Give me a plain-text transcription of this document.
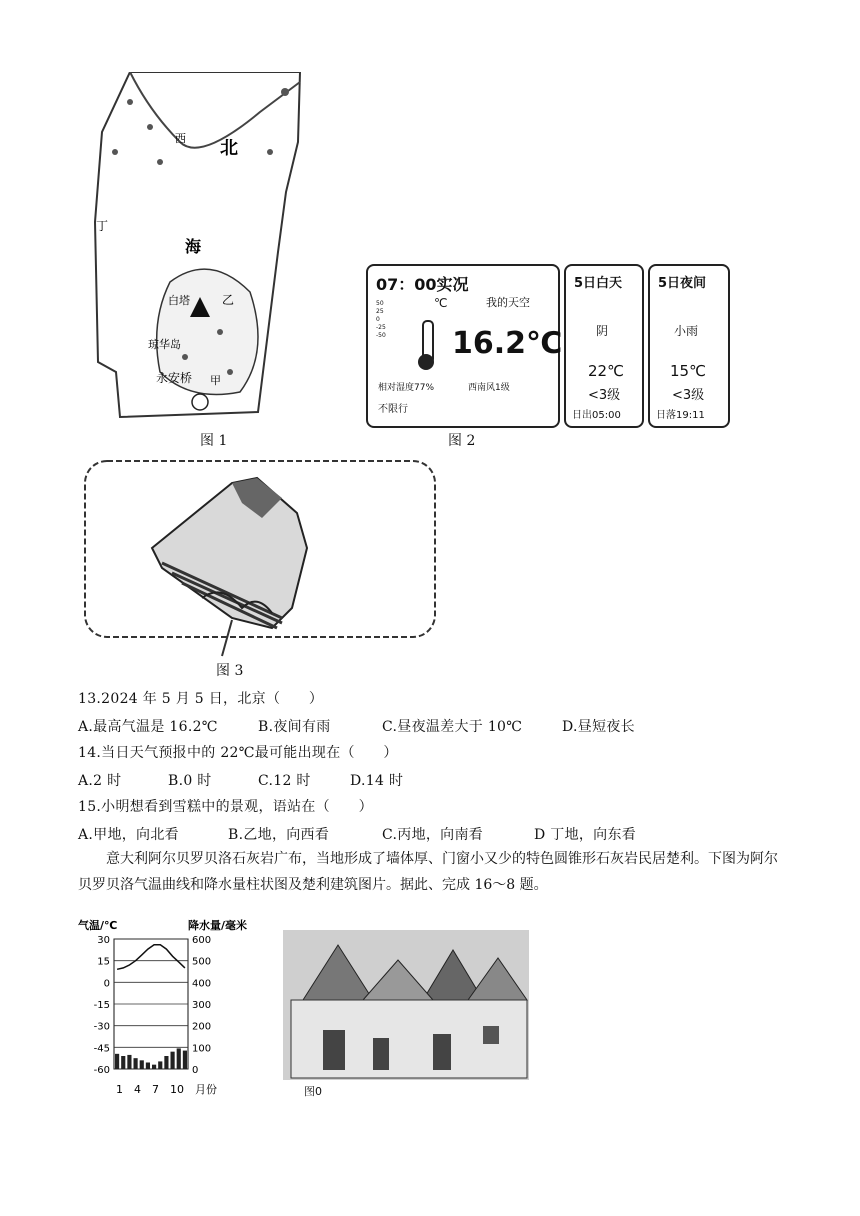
北
海
西
丁
白塔	乙
琼华岛
永安桥 甲
图 1
07：00实况
℃	我的天空
50
25
0
-25
-50 16.2℃
相对湿度77%	西南风1级
不限行
5日白天
阴
22℃
<3级
日出05:00
5日夜间
小雨
15℃
<3级
日落19:11
图 2
图 3
13.2024 年 5 月 5 日，北京（　　）
A.最高气温是 16.2℃	B.夜间有雨	C.昼夜温差大于 10℃	D.昼短夜长
14.当日天气预报中的 22℃最可能出现在（　　）
A.2 时	B.0 时	C.12 时	D.14 时
15.小明想看到雪糕中的景观，语站在（　　）
A.甲地，向北看	B.乙地，向西看	C.丙地，向南看	D 丁地，向东看
意大利阿尔贝罗贝洛石灰岩广布，当地形成了墙体厚、门窗小又少的特色圆锥形石灰岩民居楚利。下图为阿尔贝罗贝洛气温曲线和降水量柱状图及楚利建筑图片。据此、完成 16～8 题。
气温/℃	降水量/毫米
30	600
15	500
0	400
-15	300
-30	200
-45	100
-60	0
1　4　7　10　月份	图0
